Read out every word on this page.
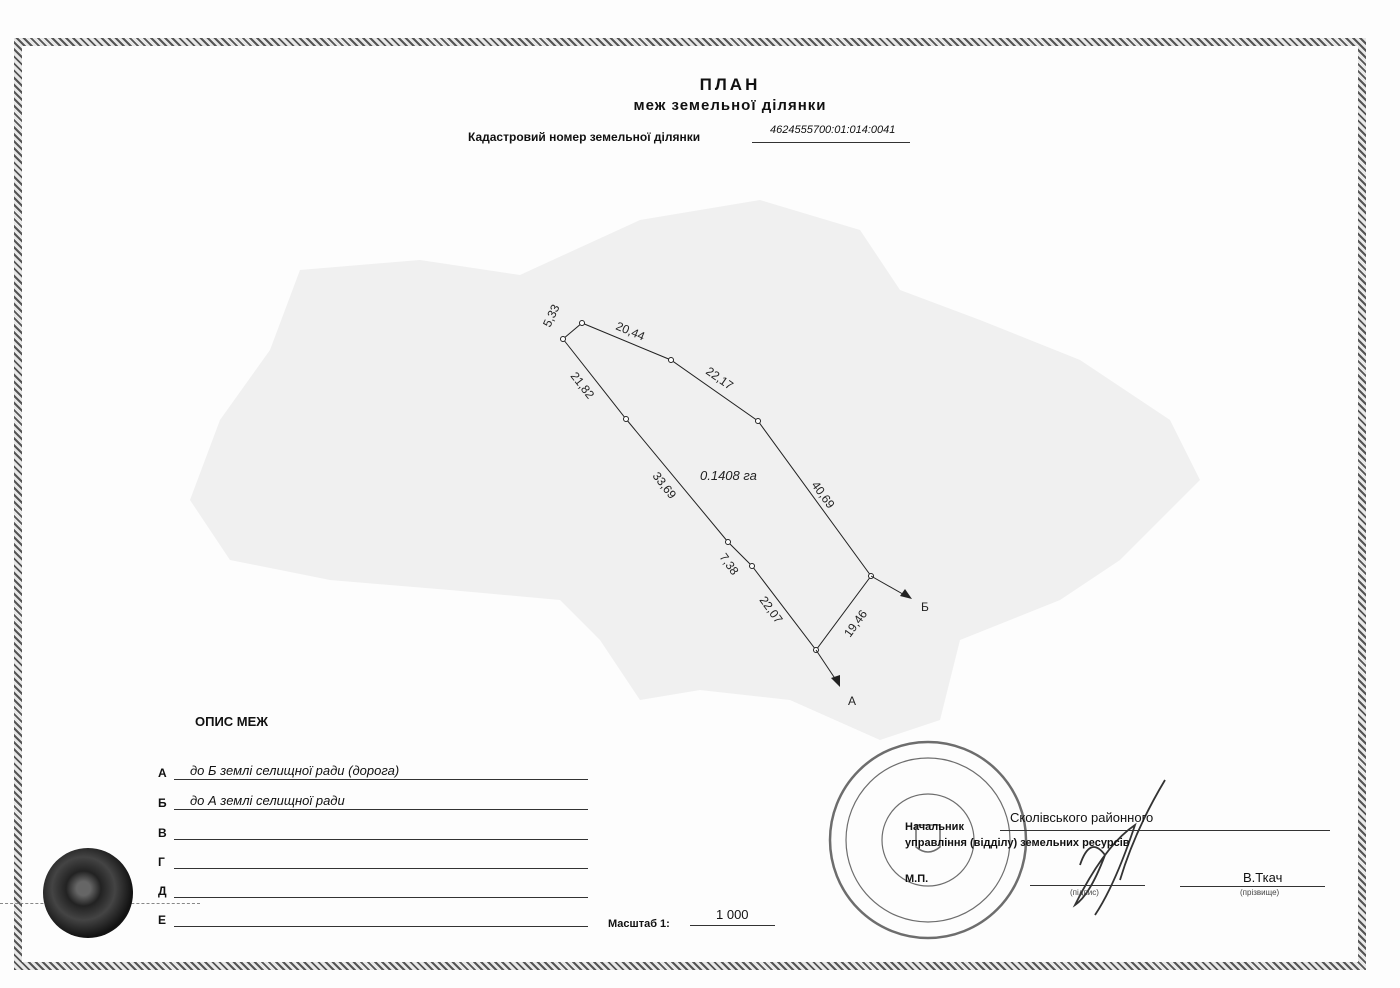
ПЛАН
меж земельної ділянки
Кадастровий номер земельної ділянки	4624555700:01:014:0041
5,33
20,44
22,17
40,69
19,46
22,07
7,38
33,69
21,82
0.1408 га
Б
А
ОПИС МЕЖ
А до Б землі селищної ради (дорога)
Б до А землі селищної ради
В
Г
Д
Е	Масштаб 1:
1 000
Сколівського районного
Начальник
управління (відділу) земельних ресурсів
М.П.
(підпис)
В.Ткач
(прізвище)
